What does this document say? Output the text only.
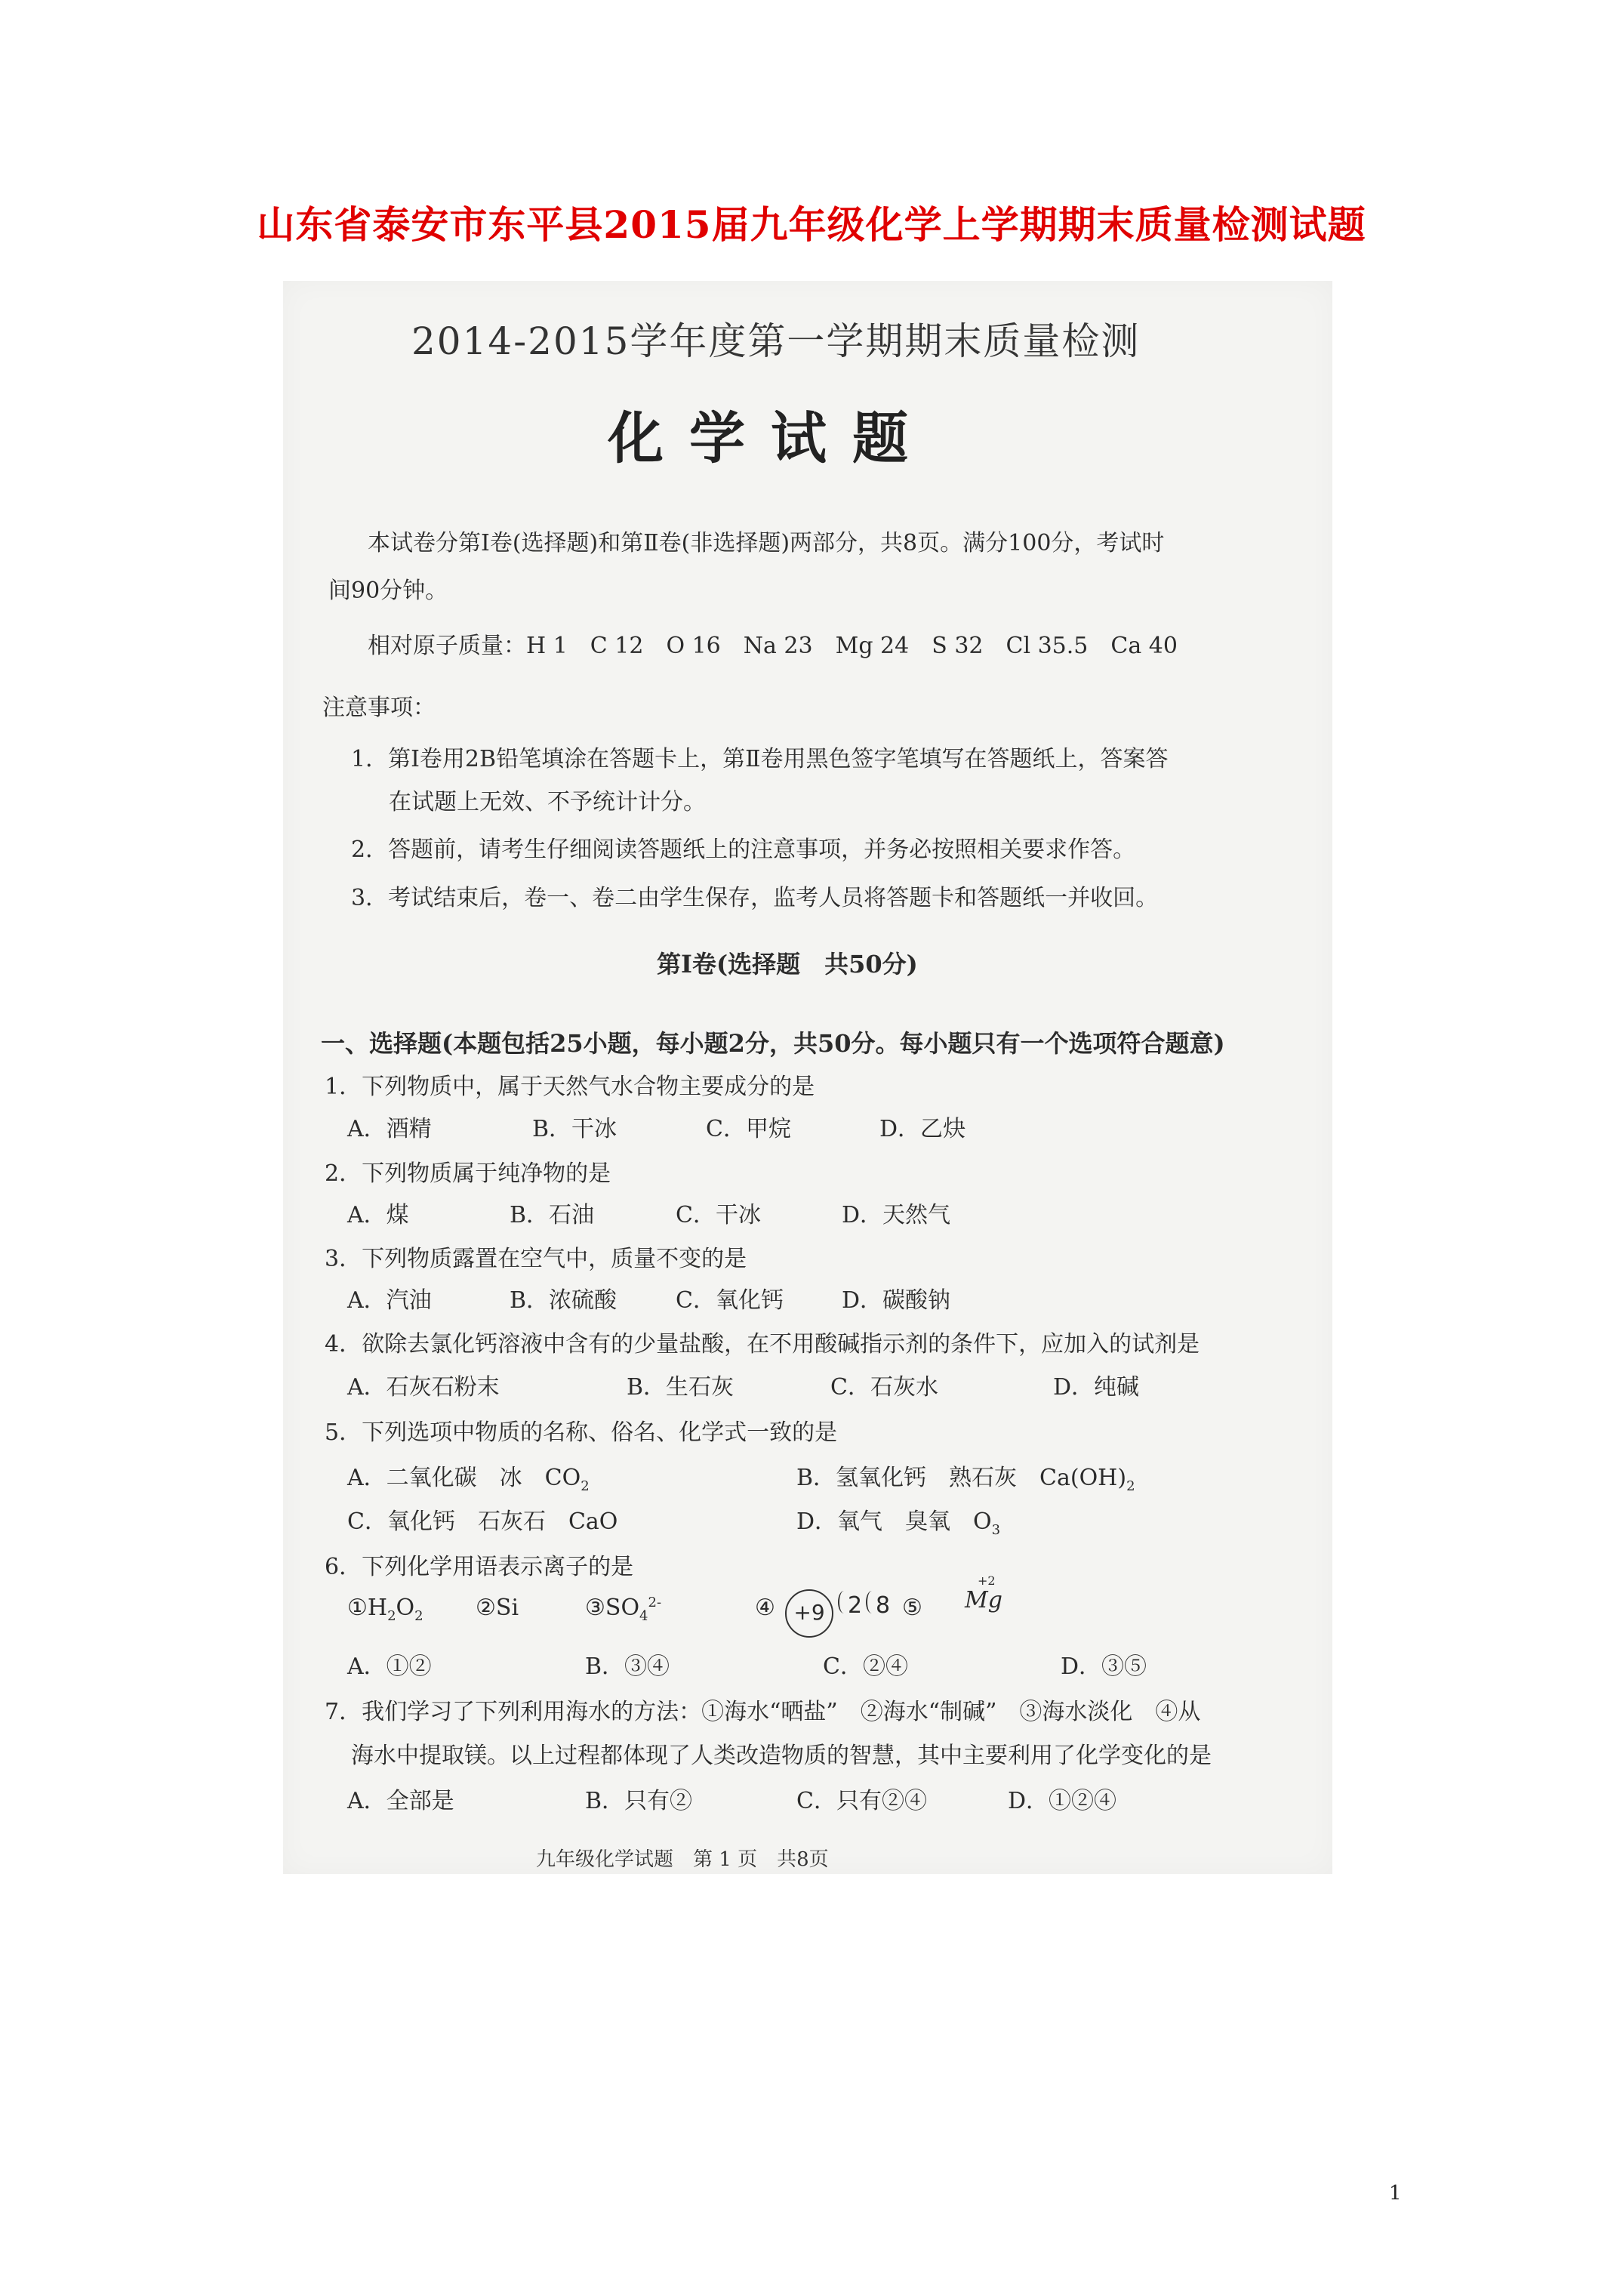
山东省泰安市东平县2015届九年级化学上学期期末质量检测试题
2014-2015学年度第一学期期末质量检测
化学试题
本试卷分第Ⅰ卷(选择题)和第Ⅱ卷(非选择题)两部分，共8页。满分100分，考试时
间90分钟。
相对原子质量：H 1　C 12　O 16　Na 23　Mg 24　S 32　Cl 35.5　Ca 40
注意事项：
1．第Ⅰ卷用2B铅笔填涂在答题卡上，第Ⅱ卷用黑色签字笔填写在答题纸上，答案答
在试题上无效、不予统计计分。
2．答题前，请考生仔细阅读答题纸上的注意事项，并务必按照相关要求作答。
3．考试结束后，卷一、卷二由学生保存，监考人员将答题卡和答题纸一并收回。
第Ⅰ卷(选择题　共50分)
一、选择题(本题包括25小题，每小题2分，共50分。每小题只有一个选项符合题意)
1．下列物质中，属于天然气水合物主要成分的是
A．酒精	B．干冰	C．甲烷	D．乙炔
2．下列物质属于纯净物的是
A．煤	B．石油	C．干冰	D．天然气
3．下列物质露置在空气中，质量不变的是
A．汽油	B．浓硫酸	C．氧化钙	D．碳酸钠
4．欲除去氯化钙溶液中含有的少量盐酸，在不用酸碱指示剂的条件下，应加入的试剂是
A．石灰石粉末	B．生石灰	C．石灰水	D．纯碱
5．下列选项中物质的名称、俗名、化学式一致的是
A．二氧化碳　冰　$CO_2$	B．氢氧化钙　熟石灰　$Ca(OH)_2$
C．氧化钙　石灰石　CaO	D．氧气　臭氧　$O_3$
6．下列化学用语表示离子的是
$①H_2O_2$ ②Si	$③SO_4^{2-}$	④ +9	2 8 ⑤
+2
Mg
A．①②	B．③④	C．②④	D．③⑤
7．我们学习了下列利用海水的方法：①海水“晒盐”　②海水“制碱”　③海水淡化　④从
海水中提取镁。以上过程都体现了人类改造物质的智慧，其中主要利用了化学变化的是
A．全部是	B．只有②	C．只有②④	D．①②④
九年级化学试题　第 1 页　共8页
1
